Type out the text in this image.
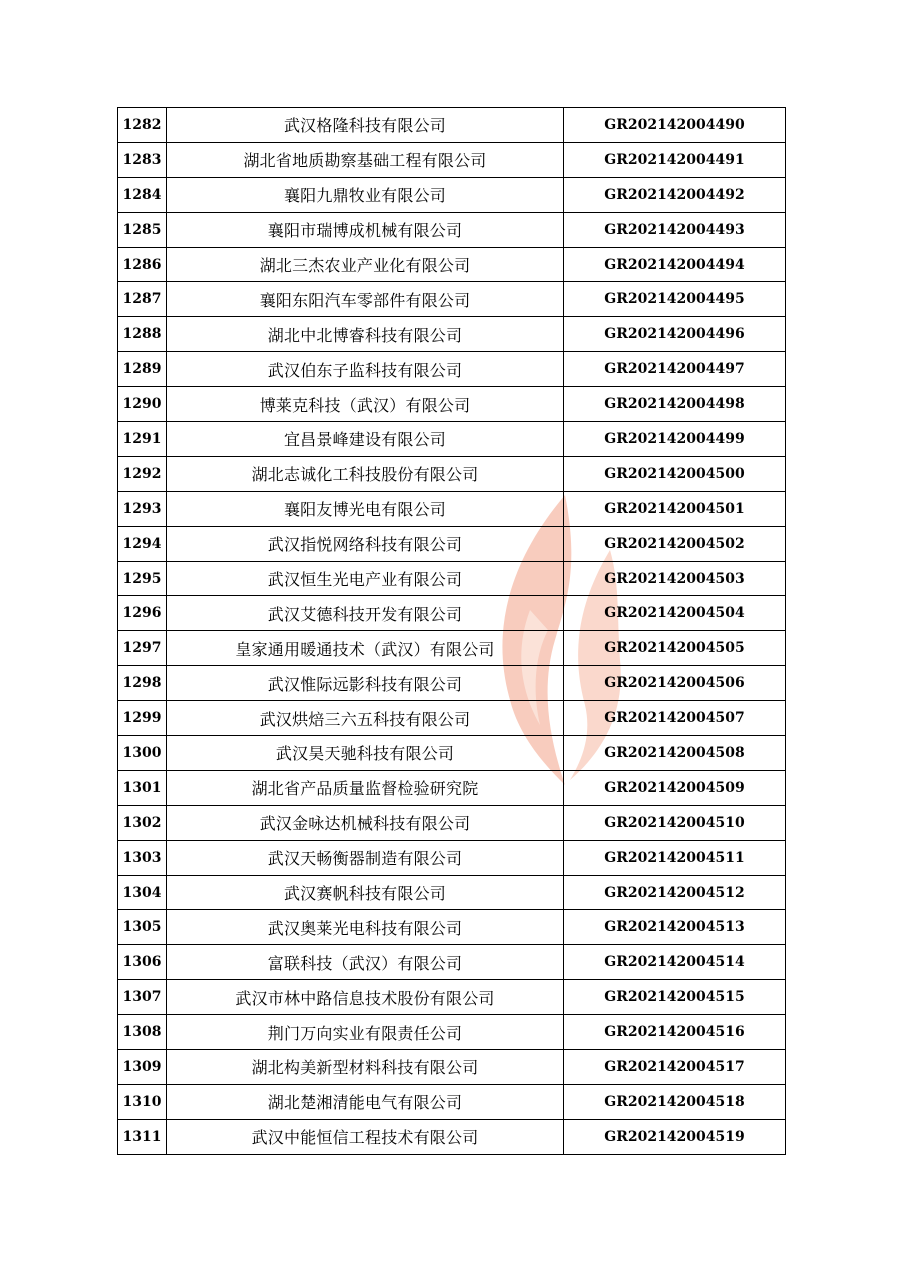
1282	武汉格隆科技有限公司	GR202142004490
1283	湖北省地质勘察基础工程有限公司	GR202142004491
1284	襄阳九鼎牧业有限公司	GR202142004492
1285	襄阳市瑞博成机械有限公司	GR202142004493
1286	湖北三杰农业产业化有限公司	GR202142004494
1287	襄阳东阳汽车零部件有限公司	GR202142004495
1288	湖北中北博睿科技有限公司	GR202142004496
1289	武汉伯东子监科技有限公司	GR202142004497
1290	博莱克科技（武汉）有限公司	GR202142004498
1291	宜昌景峰建设有限公司	GR202142004499
1292	湖北志诚化工科技股份有限公司	GR202142004500
1293	襄阳友博光电有限公司	GR202142004501
1294	武汉指悦网络科技有限公司	GR202142004502
1295	武汉恒生光电产业有限公司	GR202142004503
1296	武汉艾德科技开发有限公司	GR202142004504
1297	皇家通用暖通技术（武汉）有限公司	GR202142004505
1298	武汉惟际远影科技有限公司	GR202142004506
1299	武汉烘焙三六五科技有限公司	GR202142004507
1300	武汉昊天驰科技有限公司	GR202142004508
1301	湖北省产品质量监督检验研究院	GR202142004509
1302	武汉金咏达机械科技有限公司	GR202142004510
1303	武汉天畅衡器制造有限公司	GR202142004511
1304	武汉赛帆科技有限公司	GR202142004512
1305	武汉奥莱光电科技有限公司	GR202142004513
1306	富联科技（武汉）有限公司	GR202142004514
1307	武汉市林中路信息技术股份有限公司	GR202142004515
1308	荆门万向实业有限责任公司	GR202142004516
1309	湖北构美新型材料科技有限公司	GR202142004517
1310	湖北楚湘清能电气有限公司	GR202142004518
1311	武汉中能恒信工程技术有限公司	GR202142004519
